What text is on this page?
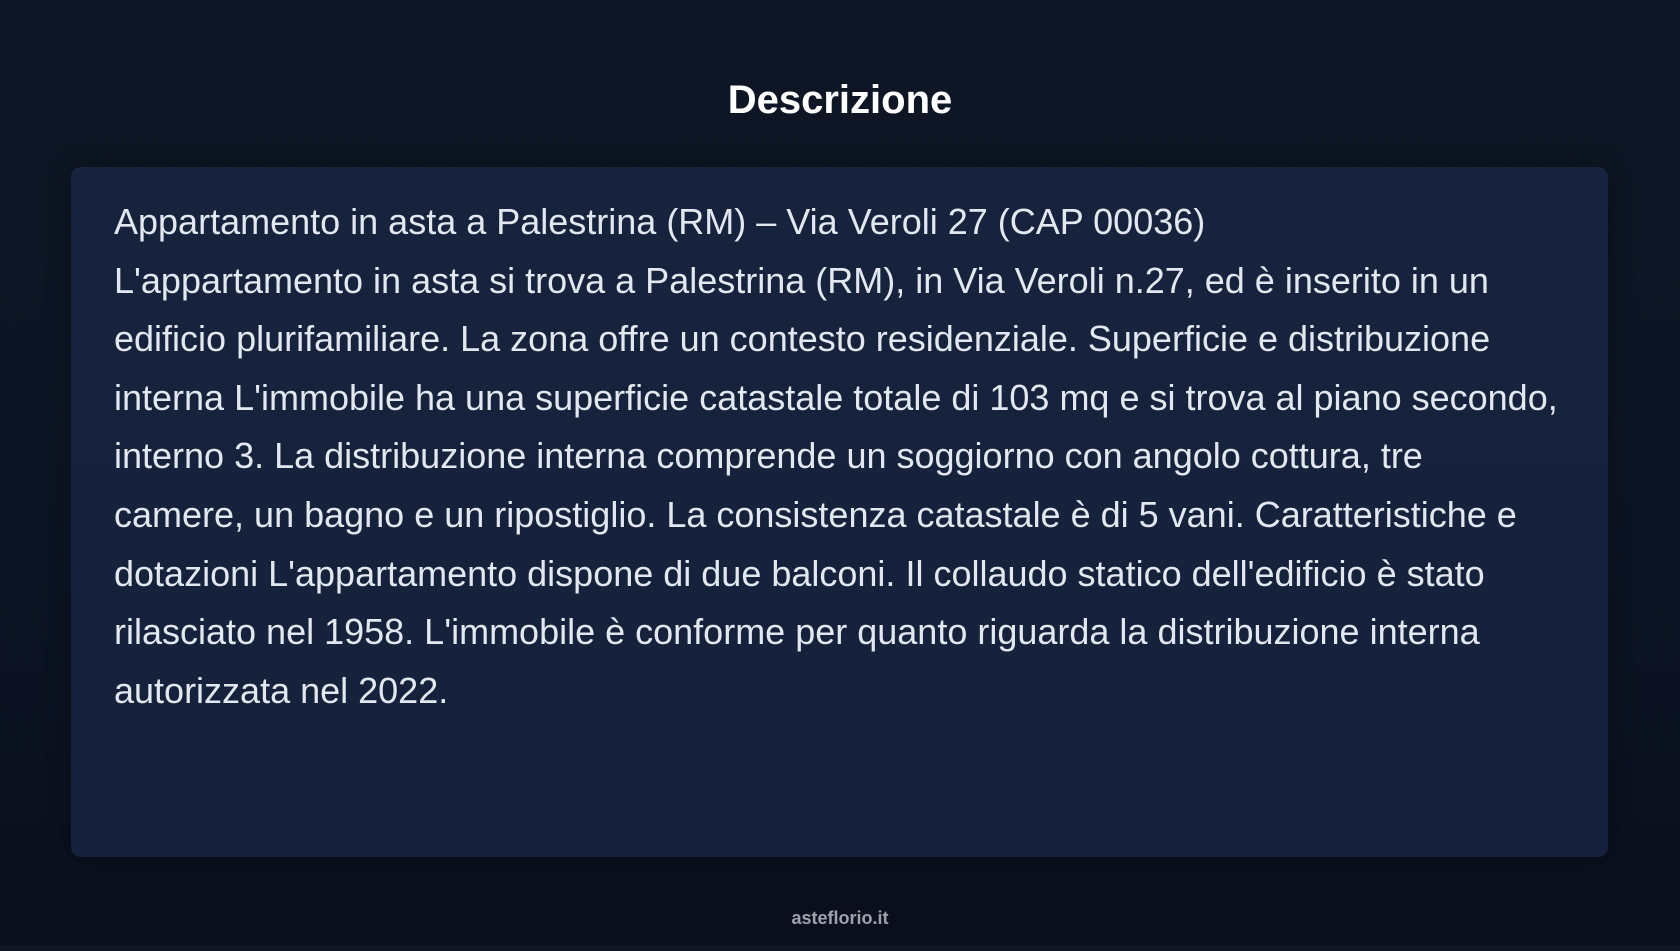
Descrizione

Appartamento in asta a Palestrina (RM) – Via Veroli 27 (CAP 00036)

L'appartamento in asta si trova a Palestrina (RM), in Via Veroli n.27, ed è inserito in un edificio plurifamiliare. La zona offre un contesto residenziale. Superficie e distribuzione interna L'immobile ha una superficie catastale totale di 103 mq e si trova al piano secondo, interno 3. La distribuzione interna comprende un soggiorno con angolo cottura, tre camere, un bagno e un ripostiglio. La consistenza catastale è di 5 vani. Caratteristiche e dotazioni L'appartamento dispone di due balconi. Il collaudo statico dell'edificio è stato rilasciato nel 1958. L'immobile è conforme per quanto riguarda la distribuzione interna autorizzata nel 2022.

asteflorio.it
